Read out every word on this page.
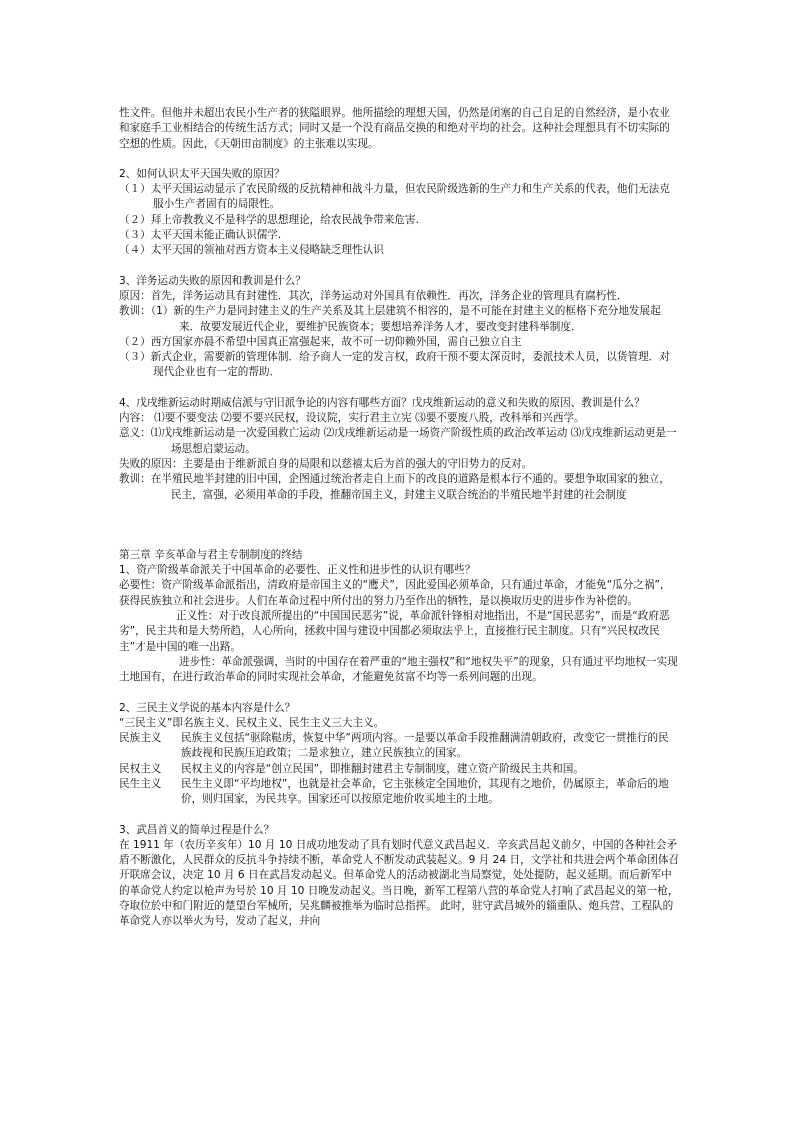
性文件。但他并未超出农民小生产者的狭隘眼界。他所描绘的理想天国，仍然是闭塞的自己自足的自然经济，是小农业和家庭手工业相结合的传统生活方式；同时又是一个没有商品交换的和绝对平均的社会。这种社会理想具有不切实际的空想的性质。因此，《天朝田亩制度》的主张难以实现。

2、如何认识太平天国失败的原因？

（１）太平天国运动显示了农民阶级的反抗精神和战斗力量，但农民阶级选新的生产力和生产关系的代表，他们无法克服小生产者固有的局限性。

（２）拜上帝教教义不是科学的思想理论，给农民战争带来危害.

（３）太平天国未能正确认识儒学.

（４）太平天国的领袖对西方资本主义侵略缺乏理性认识

3、洋务运动失败的原因和教训是什么？

原因：首先，洋务运动具有封建性．其次，洋务运动对外国具有依赖性．再次，洋务企业的管理具有腐朽性．

教训：（1）新的生产力是同封建主义的生产关系及其上层建筑不相容的，是不可能在封建主义的框格下充分地发展起来．故要发展近代企业，要维护民族资本；要想培养洋务人才，要改变封建科举制度．

（２）西方国家亦晨不希望中国真正富强起来，故不可一切仰赖外国，需自己独立自主

（３）新式企业，需要新的管理体制．给予商人一定的发言权，政府干预不要太深贡时，委派技术人员，以货管理．对现代企业也有一定的帮助．

4、戊戌维新运动时期威信派与守旧派争论的内容有哪些方面？戊戌维新运动的意义和失败的原因、教训是什么？

内容： ⑴要不要变法 ⑵要不要兴民权，设议院，实行君主立宪 ⑶要不要废八股，改科举和兴西学。

意义：⑴戊戌维新运动是一次爱国救亡运动 ⑵戊戌维新运动是一场资产阶级性质的政治改革运动 ⑶戊戌维新运动更是一场思想启蒙运动。

失败的原因：主要是由于维新派自身的局限和以慈禧太后为首的强大的守旧势力的反对。

教训：在半殖民地半封建的旧中国，企图通过统治者走自上而下的改良的道路是根本行不通的。要想争取国家的独立，民主，富强，必须用革命的手段，推翻帝国主义，封建主义联合统治的半殖民地半封建的社会制度

第三章 辛亥革命与君主专制制度的终结

1、资产阶级革命派关于中国革命的必要性、正义性和进步性的认识有哪些？

必要性：资产阶级革命派指出，清政府是帝国主义的“鹰犬”，因此爱国必须革命，只有通过革命，才能免“瓜分之祸”，获得民族独立和社会进步。人们在革命过程中所付出的努力乃至作出的牺牲，是以换取历史的进步作为补偿的。

正义性：对于改良派所提出的“中国国民恶劣”说，革命派针锋相对地指出，不是“国民恶劣”，而是“政府恶劣”，民主共和是大势所趋，人心所向，拯救中国与建设中国都必须取法乎上，直接推行民主制度。只有“兴民权改民主”才是中国的唯一出路。

进步性：革命派强调，当时的中国存在着严重的“地主强权”和“地权失平”的现象，只有通过平均地权一实现土地国有，在进行政治革命的同时实现社会革命，才能避免贫富不均等一系列问题的出现。

2、三民主义学说的基本内容是什么？

“三民主义”即名族主义、民权主义、民生主义三大主义。

民族主义 民族主义包括“驱除鞑虏，恢复中华”两项内容。一是要以革命手段推翻满清朝政府，改变它一贯推行的民族歧视和民族压迫政策；二是求独立，建立民族独立的国家。

民权主义 民权主义的内容是“创立民国”，即推翻封建君主专制制度，建立资产阶级民主共和国。

民生主义 民生主义即“平均地权”，也就是社会革命，它主张核定全国地价，其现有之地价，仍属原主，革命后的地价，则归国家，为民共享。国家还可以按原定地价收买地主的土地。

3、武昌首义的简单过程是什么？

在 1911 年（农历辛亥年）10 月 10 日成功地发动了具有划时代意义武昌起义．辛亥武昌起义前夕，中国的各种社会矛盾不断激化，人民群众的反抗斗争持续不断，革命党人不断发动武装起义。9 月 24 日，文学社和共进会两个革命团体召开联席会议，决定 10 月 6 日在武昌发动起义。但革命党人的活动被湖北当局察觉，处处提防，起义延期。而后新军中的革命党人约定以枪声为号於 10 月 10 日晚发动起义。当日晚，新军工程第八营的革命党人打响了武昌起义的第一枪，夺取位於中和门附近的楚望台军械所，吴兆麟被推举为临时总指挥。 此时，驻守武昌城外的辎重队、炮兵营、工程队的革命党人亦以举火为号，发动了起义，并向
